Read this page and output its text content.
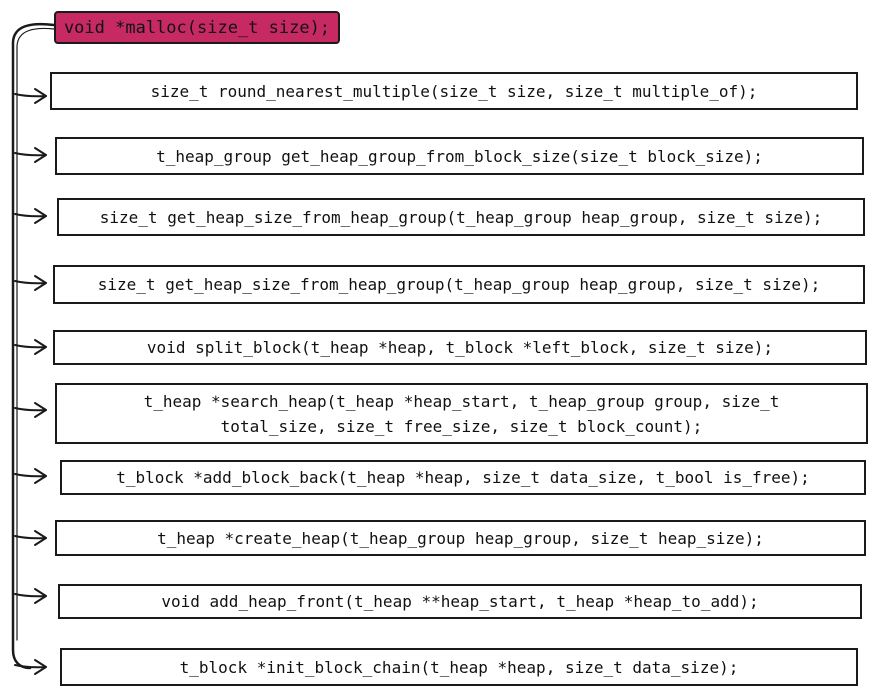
void *malloc(size_t size);
size_t round_nearest_multiple(size_t size, size_t multiple_of);
t_heap_group get_heap_group_from_block_size(size_t block_size);
size_t get_heap_size_from_heap_group(t_heap_group heap_group, size_t size);
size_t get_heap_size_from_heap_group(t_heap_group heap_group, size_t size);
void split_block(t_heap *heap, t_block *left_block, size_t size);
t_heap *search_heap(t_heap *heap_start, t_heap_group group, size_t total_size, size_t free_size, size_t block_count);
t_block *add_block_back(t_heap *heap, size_t data_size, t_bool is_free);
t_heap *create_heap(t_heap_group heap_group, size_t heap_size);
void add_heap_front(t_heap **heap_start, t_heap *heap_to_add);
t_block *init_block_chain(t_heap *heap, size_t data_size);
